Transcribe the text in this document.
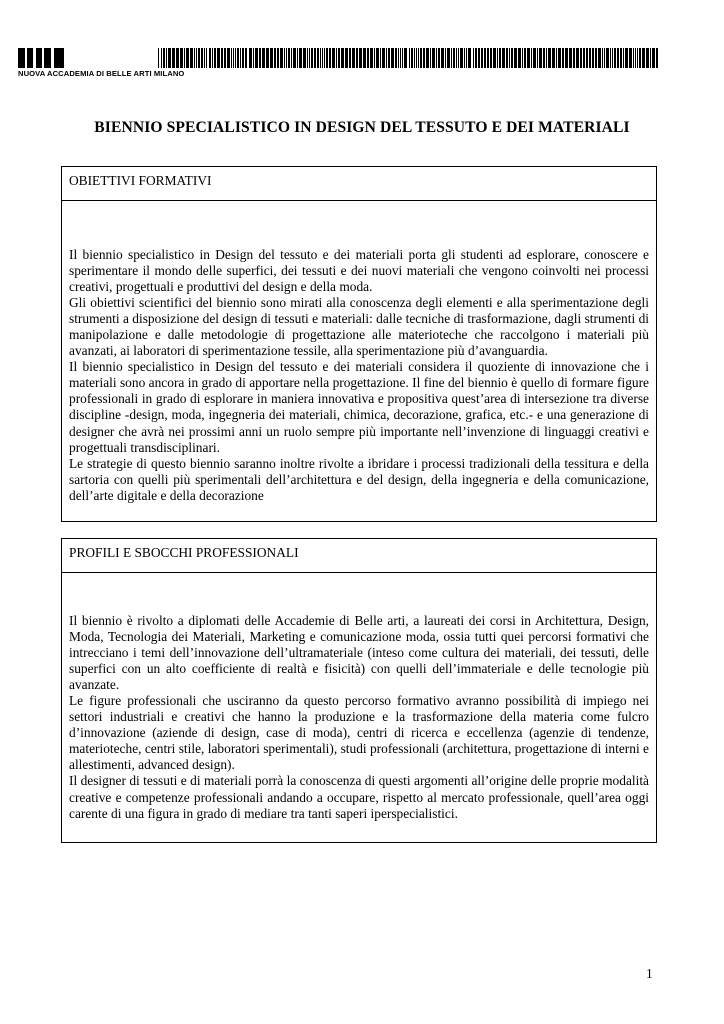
NUOVA ACCADEMIA DI BELLE ARTI MILANO
BIENNIO SPECIALISTICO IN DESIGN DEL TESSUTO E DEI MATERIALI
OBIETTIVI FORMATIVI

Il biennio specialistico in Design del tessuto e dei materiali porta gli studenti ad esplorare, conoscere e sperimentare il mondo delle superfici, dei tessuti e dei nuovi materiali che vengono coinvolti nei processi creativi, progettuali e produttivi del design e della moda.

Gli obiettivi scientifici del biennio sono mirati alla conoscenza degli elementi e alla sperimentazione degli strumenti a disposizione del design di tessuti e materiali: dalle tecniche di trasformazione, dagli strumenti di manipolazione e dalle metodologie di progettazione alle materioteche che raccolgono i materiali più avanzati, ai laboratori di sperimentazione tessile, alla sperimentazione più d’avanguardia.

Il biennio specialistico in Design del tessuto e dei materiali considera il quoziente di innovazione che i materiali sono ancora in grado di apportare nella progettazione. Il fine del biennio è quello di formare figure professionali in grado di esplorare in maniera innovativa e propositiva quest’area di intersezione tra diverse discipline -design, moda, ingegneria dei materiali, chimica, decorazione, grafica, etc.- e una generazione di designer che avrà nei prossimi anni un ruolo sempre più importante nell’invenzione di linguaggi creativi e progettuali transdisciplinari.

Le strategie di questo biennio saranno inoltre rivolte a ibridare i processi tradizionali della tessitura e della sartoria con quelli più sperimentali dell’architettura e del design, della ingegneria e della comunicazione, dell’arte digitale e della decorazione

PROFILI E SBOCCHI PROFESSIONALI

Il biennio è rivolto a diplomati delle Accademie di Belle arti, a laureati dei corsi in Architettura, Design, Moda, Tecnologia dei Materiali, Marketing e comunicazione moda, ossia tutti quei percorsi formativi che intrecciano i temi dell’innovazione dell’ultramateriale (inteso come cultura dei materiali, dei tessuti, delle superfici con un alto coefficiente di realtà e fisicità) con quelli dell’immateriale e delle tecnologie più avanzate.

Le figure professionali che usciranno da questo percorso formativo avranno possibilità di impiego nei settori industriali e creativi che hanno la produzione e la trasformazione della materia come fulcro d’innovazione (aziende di design, case di moda), centri di ricerca e eccellenza (agenzie di tendenze, materioteche, centri stile, laboratori sperimentali), studi professionali (architettura, progettazione di interni e allestimenti, advanced design).

Il designer di tessuti e di materiali porrà la conoscenza di questi argomenti all’origine delle proprie modalità creative e competenze professionali andando a occupare, rispetto al mercato professionale, quell’area oggi carente di una figura in grado di mediare tra tanti saperi iperspecialistici.

1
